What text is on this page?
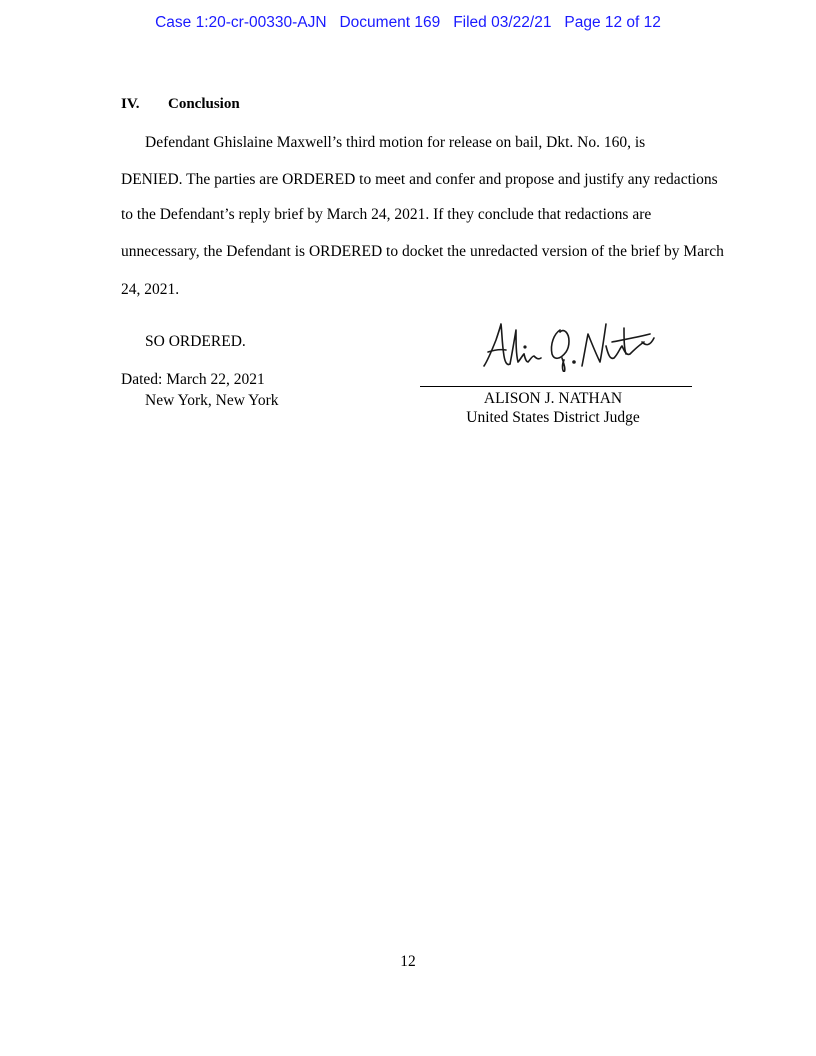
Case 1:20-cr-00330-AJN Document 169 Filed 03/22/21 Page 12 of 12
IV. Conclusion
Defendant Ghislaine Maxwell’s third motion for release on bail, Dkt. No. 160, is
DENIED. The parties are ORDERED to meet and confer and propose and justify any redactions
to the Defendant’s reply brief by March 24, 2021. If they conclude that redactions are
unnecessary, the Defendant is ORDERED to docket the unredacted version of the brief by March
24, 2021.
SO ORDERED.
Dated: March 22, 2021
New York, New York	ALISON J. NATHAN
United States District Judge
12
